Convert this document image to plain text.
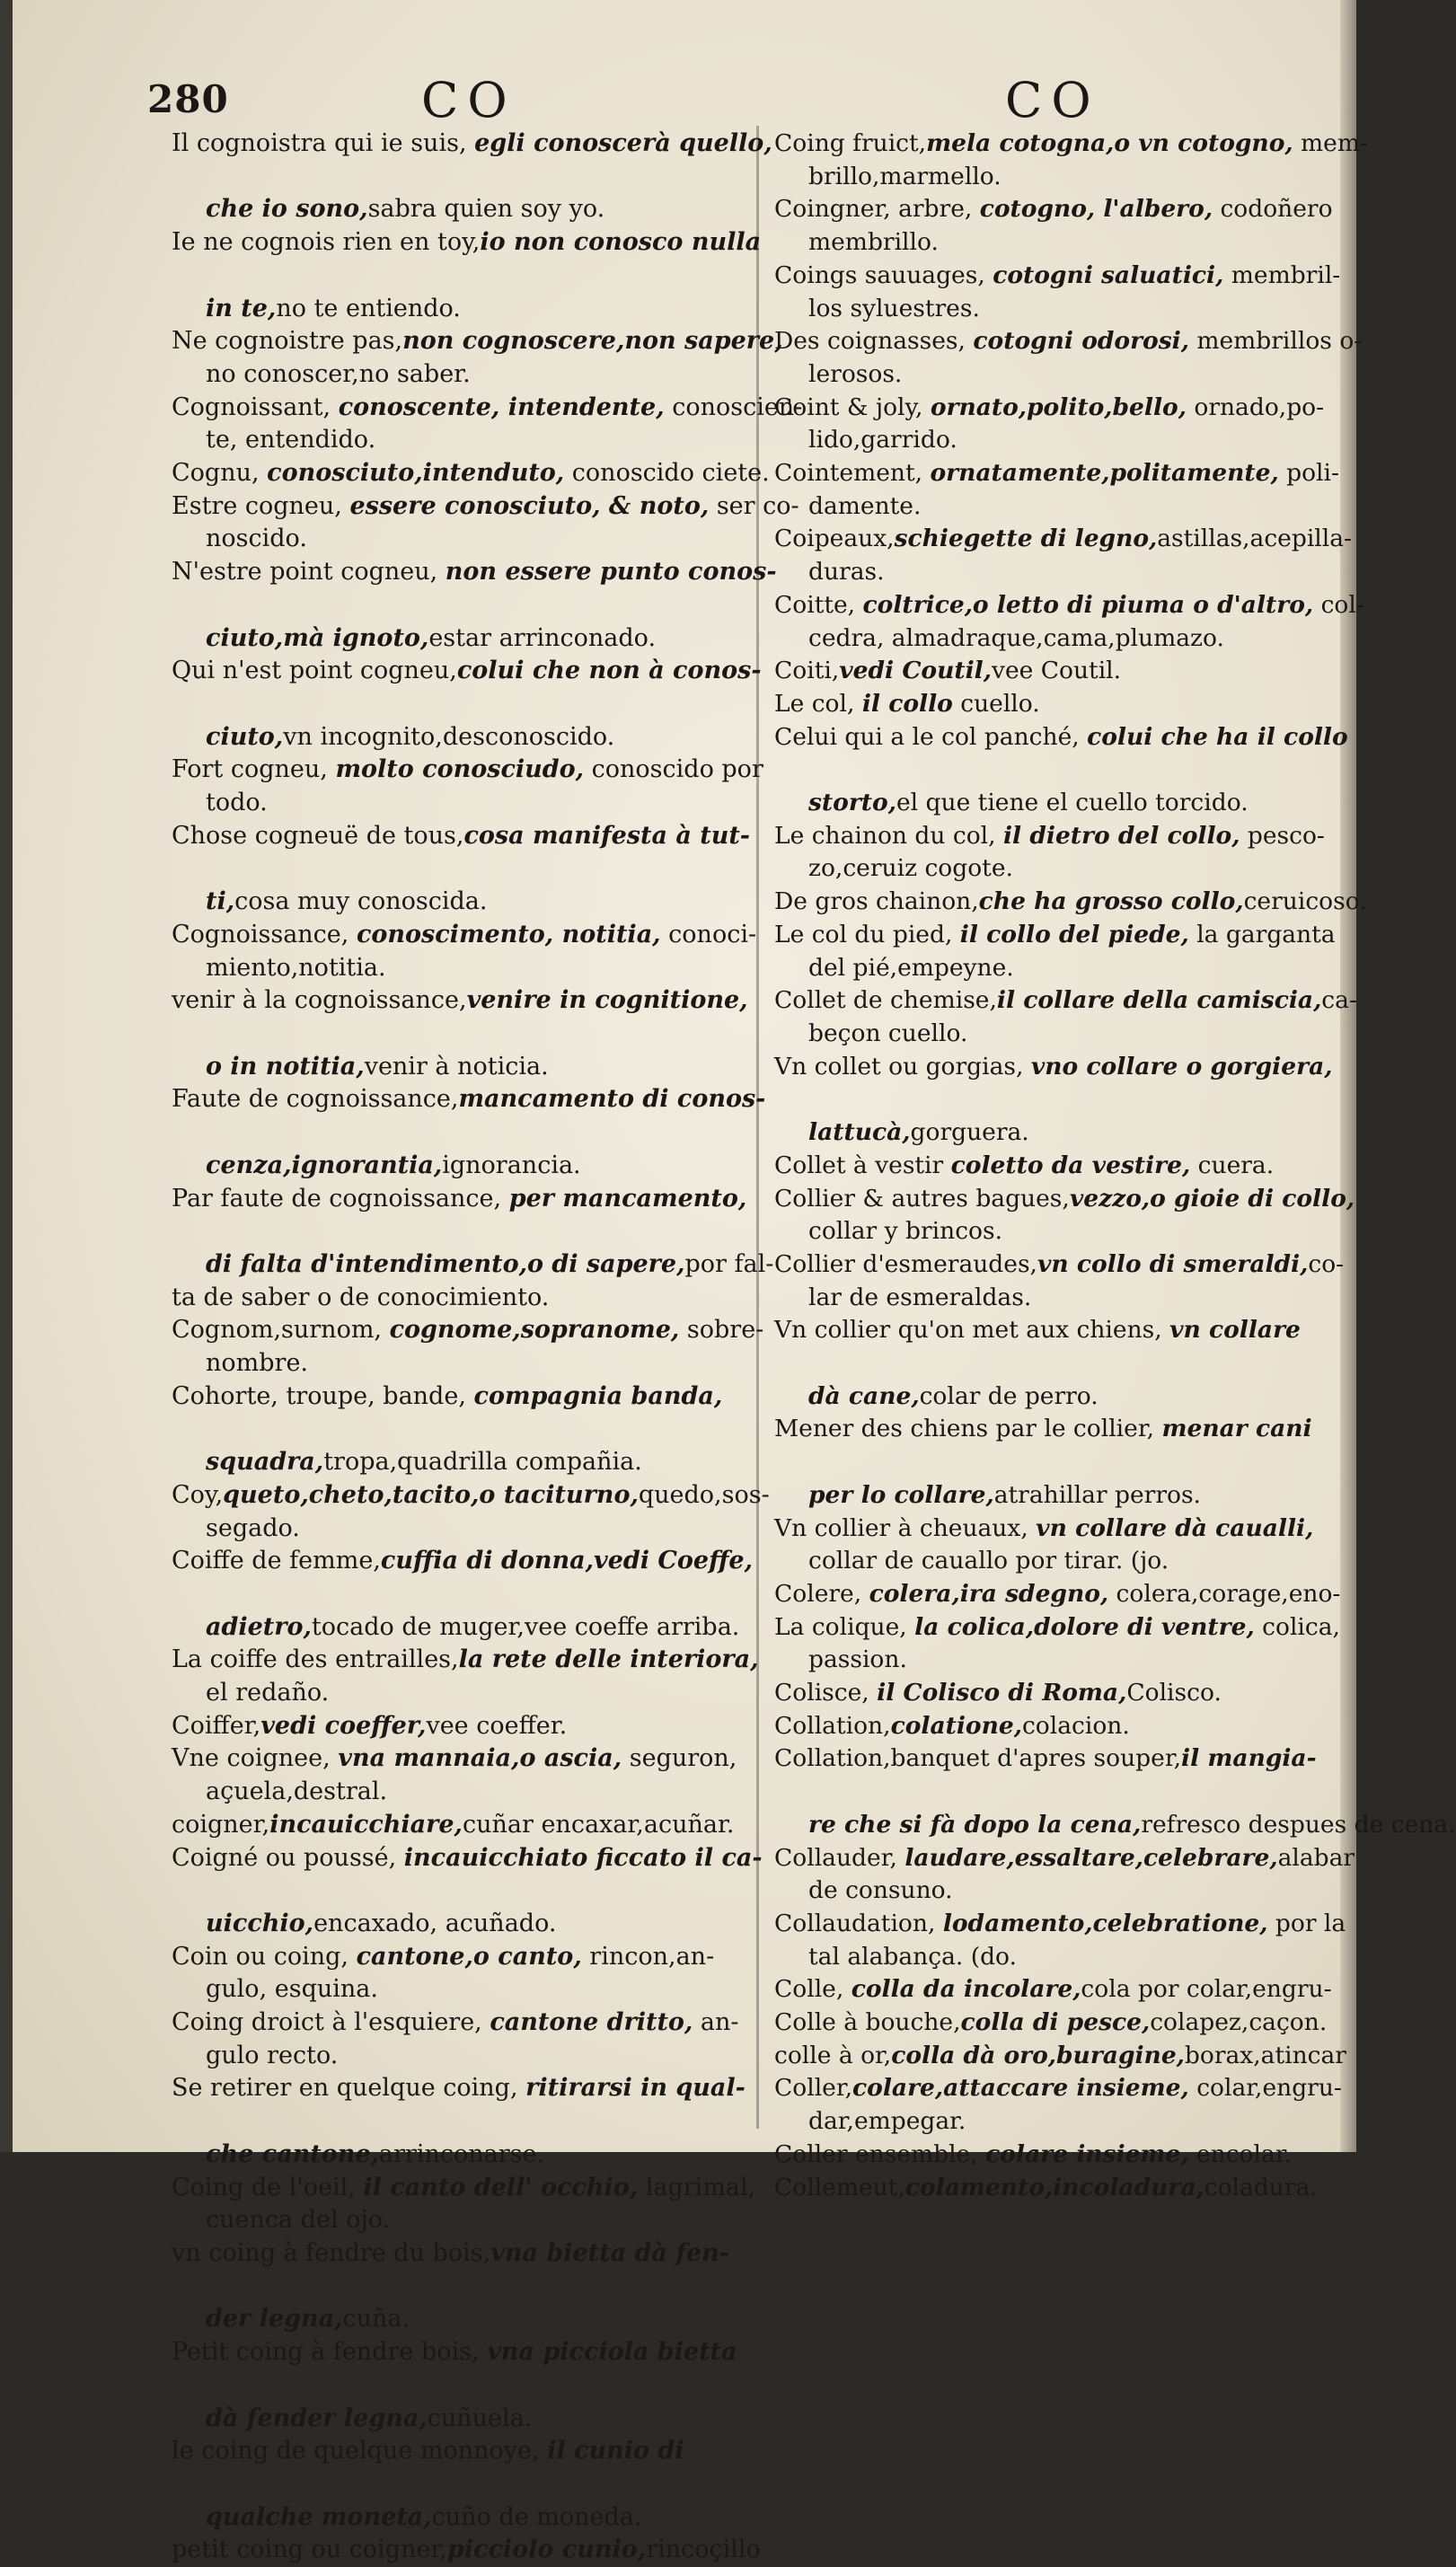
280	CO	CO
Il cognoistra qui ie suis, egli conoscerà quello,

che io sono,sabra quien soy yo.
Ie ne cognois rien en toy,io non conosco nulla

in te,no te entiendo.
Ne cognoistre pas,non cognoscere,non sapere,
no conoscer,no saber.
Cognoissant, conoscente, intendente, conoscien-
te, entendido.
Cognu, conosciuto,intenduto, conoscido ciete.
Estre cogneu, essere conosciuto, & noto, ser co-
noscido.
N'estre point cogneu, non essere punto conos-

ciuto,mà ignoto,estar arrinconado.
Qui n'est point cogneu,colui che non à conos-

ciuto,vn incognito,desconoscido.
Fort cogneu, molto conosciudo, conoscido por
todo.
Chose cogneuë de tous,cosa manifesta à tut-

ti,cosa muy conoscida.
Cognoissance, conoscimento, notitia, conoci-
miento,notitia.
venir à la cognoissance,venire in cognitione,

o in notitia,venir à noticia.
Faute de cognoissance,mancamento di conos-

cenza,ignorantia,ignorancia.
Par faute de cognoissance, per mancamento,

di falta d'intendimento,o di sapere,por fal-
ta de saber o de conocimiento.
Cognom,surnom, cognome,sopranome, sobre-
nombre.
Cohorte, troupe, bande, compagnia banda,

squadra,tropa,quadrilla compañia.
Coy,queto,cheto,tacito,o taciturno,quedo,sos-
segado.
Coiffe de femme,cuffia di donna,vedi Coeffe,

adietro,tocado de muger,vee coeffe arriba.
La coiffe des entrailles,la rete delle interiora,
el redaño.
Coiffer,vedi coeffer,vee coeffer.
Vne coignee, vna mannaia,o ascia, seguron,
açuela,destral.
coigner,incauicchiare,cuñar encaxar,acuñar.
Coigné ou poussé, incauicchiato ficcato il ca-

uicchio,encaxado, acuñado.
Coin ou coing, cantone,o canto, rincon,an-
gulo, esquina.
Coing droict à l'esquiere, cantone dritto, an-
gulo recto.
Se retirer en quelque coing, ritirarsi in qual-

che cantone,arrinconarse.
Coing de l'oeil, il canto dell' occhio, lagrimal,
cuenca del ojo.
vn coing à fendre du bois,vna bietta dà fen-

der legna,cuña.
Petit coing à fendre bois, vna picciola bietta

dà fender legna,cuñuela.
le coing de quelque monnoye, il cunio di

qualche moneta,cuño de moneda.
petit coing ou coigner,picciolo cunio,rincoçillo
Coing fruict,mela cotogna,o vn cotogno, mem-
brillo,marmello.
Coingner, arbre, cotogno, l'albero, codoñero
membrillo.
Coings sauuages, cotogni saluatici, membril-
los syluestres.
Des coignasses, cotogni odorosi, membrillos o-
lerosos.
Coint & joly, ornato,polito,bello, ornado,po-
lido,garrido.
Cointement, ornatamente,politamente, poli-
damente.
Coipeaux,schiegette di legno,astillas,acepilla-
duras.
Coitte, coltrice,o letto di piuma o d'altro, col-
cedra, almadraque,cama,plumazo.
Coiti,vedi Coutil,vee Coutil.
Le col, il collo cuello.
Celui qui a le col panché, colui che ha il collo

storto,el que tiene el cuello torcido.
Le chainon du col, il dietro del collo, pesco-
zo,ceruiz cogote.
De gros chainon,che ha grosso collo,ceruicoso.
Le col du pied, il collo del piede, la garganta
del pié,empeyne.
Collet de chemise,il collare della camiscia,ca-
beçon cuello.
Vn collet ou gorgias, vno collare o gorgiera,

lattucà,gorguera.
Collet à vestir coletto da vestire, cuera.
Collier & autres bagues,vezzo,o gioie di collo,
collar y brincos.
Collier d'esmeraudes,vn collo di smeraldi,co-
lar de esmeraldas.
Vn collier qu'on met aux chiens, vn collare

dà cane,colar de perro.
Mener des chiens par le collier, menar cani

per lo collare,atrahillar perros.
Vn collier à cheuaux, vn collare dà caualli,
collar de cauallo por tirar. (jo.
Colere, colera,ira sdegno, colera,corage,eno-
La colique, la colica,dolore di ventre, colica,
passion.
Colisce, il Colisco di Roma,Colisco.
Collation,colatione,colacion.
Collation,banquet d'apres souper,il mangia-

re che si fà dopo la cena,refresco despues de cena.
Collauder, laudare,essaltare,celebrare,alabar
de consuno.
Collaudation, lodamento,celebratione, por la
tal alabança. (do.
Colle, colla da incolare,cola por colar,engru-
Colle à bouche,colla di pesce,colapez,caçon.
colle à or,colla dà oro,buragine,borax,atincar
Coller,colare,attaccare insieme, colar,engru-
dar,empegar.
Coller ensemble, colare insieme, encolar.
Collemeut,colamento,incoladura,coladura.
